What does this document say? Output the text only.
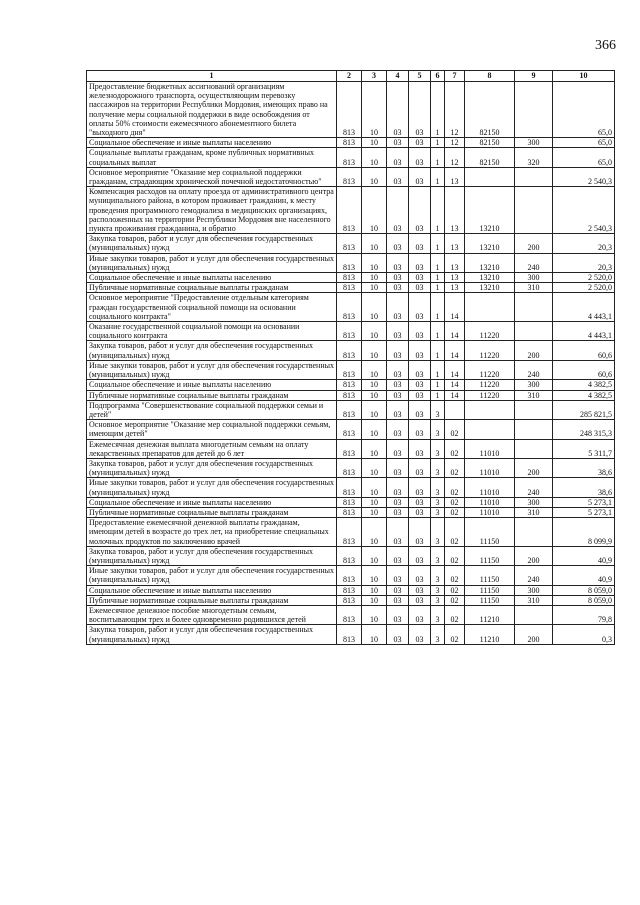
366
1	2	3	4	5	6	7	8	9	10
Предоставление бюджетных ассигнований организациям железнодорожного транспорта, осуществляющим перевозку пассажиров на территории Республики Мордовия, имеющих право на получение меры социальной поддержки в виде освобождения от оплаты 50% стоимости ежемесячного абонементного билета "выходного дня"	813	10	03	03	1	12	82150		65,0
Социальное обеспечение и иные выплаты населению	813	10	03	03	1	12	82150	300	65,0
Социальные выплаты гражданам, кроме публичных нормативных социальных выплат	813	10	03	03	1	12	82150	320	65,0
Основное мероприятие "Оказание мер социальной поддержки гражданам, страдающим хронической почечной недостаточностью"	813	10	03	03	1	13			2 540,3
Компенсация расходов на оплату проезда от административного центра муниципального района, в котором проживает гражданин, к месту проведения программного гемодиализа в медицинских организациях, расположенных на территории Республики Мордовия вне населенного пункта проживания гражданина, и обратно	813	10	03	03	1	13	13210		2 540,3
Закупка товаров, работ и услуг для обеспечения государственных (муниципальных) нужд	813	10	03	03	1	13	13210	200	20,3
Иные закупки товаров, работ и услуг для обеспечения государственных (муниципальных) нужд	813	10	03	03	1	13	13210	240	20,3
Социальное обеспечение и иные выплаты населению	813	10	03	03	1	13	13210	300	2 520,0
Публичные нормативные социальные выплаты гражданам	813	10	03	03	1	13	13210	310	2 520,0
Основное мероприятие "Предоставление отдельным категориям граждан государственной социальной помощи на основании социального контракта"	813	10	03	03	1	14			4 443,1
Оказание государственной социальной помощи на основании социального контракта	813	10	03	03	1	14	11220		4 443,1
Закупка товаров, работ и услуг для обеспечения государственных (муниципальных) нужд	813	10	03	03	1	14	11220	200	60,6
Иные закупки товаров, работ и услуг для обеспечения государственных (муниципальных) нужд	813	10	03	03	1	14	11220	240	60,6
Социальное обеспечение и иные выплаты населению	813	10	03	03	1	14	11220	300	4 382,5
Публичные нормативные социальные выплаты гражданам	813	10	03	03	1	14	11220	310	4 382,5
Подпрограмма "Совершенствование социальной поддержки семьи и детей"	813	10	03	03	3				285 821,5
Основное мероприятие "Оказание мер социальной поддержки семьям, имеющим детей"	813	10	03	03	3	02			248 315,3
Ежемесячная денежная выплата многодетным семьям на оплату лекарственных препаратов для детей до 6 лет	813	10	03	03	3	02	11010		5 311,7
Закупка товаров, работ и услуг для обеспечения государственных (муниципальных) нужд	813	10	03	03	3	02	11010	200	38,6
Иные закупки товаров, работ и услуг для обеспечения государственных (муниципальных) нужд	813	10	03	03	3	02	11010	240	38,6
Социальное обеспечение и иные выплаты населению	813	10	03	03	3	02	11010	300	5 273,1
Публичные нормативные социальные выплаты гражданам	813	10	03	03	3	02	11010	310	5 273,1
Предоставление ежемесячной денежной выплаты гражданам, имеющим детей в возрасте до трех лет, на приобретение специальных молочных продуктов по заключению врачей	813	10	03	03	3	02	11150		8 099,9
Закупка товаров, работ и услуг для обеспечения государственных (муниципальных) нужд	813	10	03	03	3	02	11150	200	40,9
Иные закупки товаров, работ и услуг для обеспечения государственных (муниципальных) нужд	813	10	03	03	3	02	11150	240	40,9
Социальное обеспечение и иные выплаты населению	813	10	03	03	3	02	11150	300	8 059,0
Публичные нормативные социальные выплаты гражданам	813	10	03	03	3	02	11150	310	8 059,0
Ежемесячное денежное пособие многодетным семьям, воспитывающим трех и более одновременно родившихся детей	813	10	03	03	3	02	11210		79,8
Закупка товаров, работ и услуг для обеспечения государственных (муниципальных) нужд	813	10	03	03	3	02	11210	200	0,3
